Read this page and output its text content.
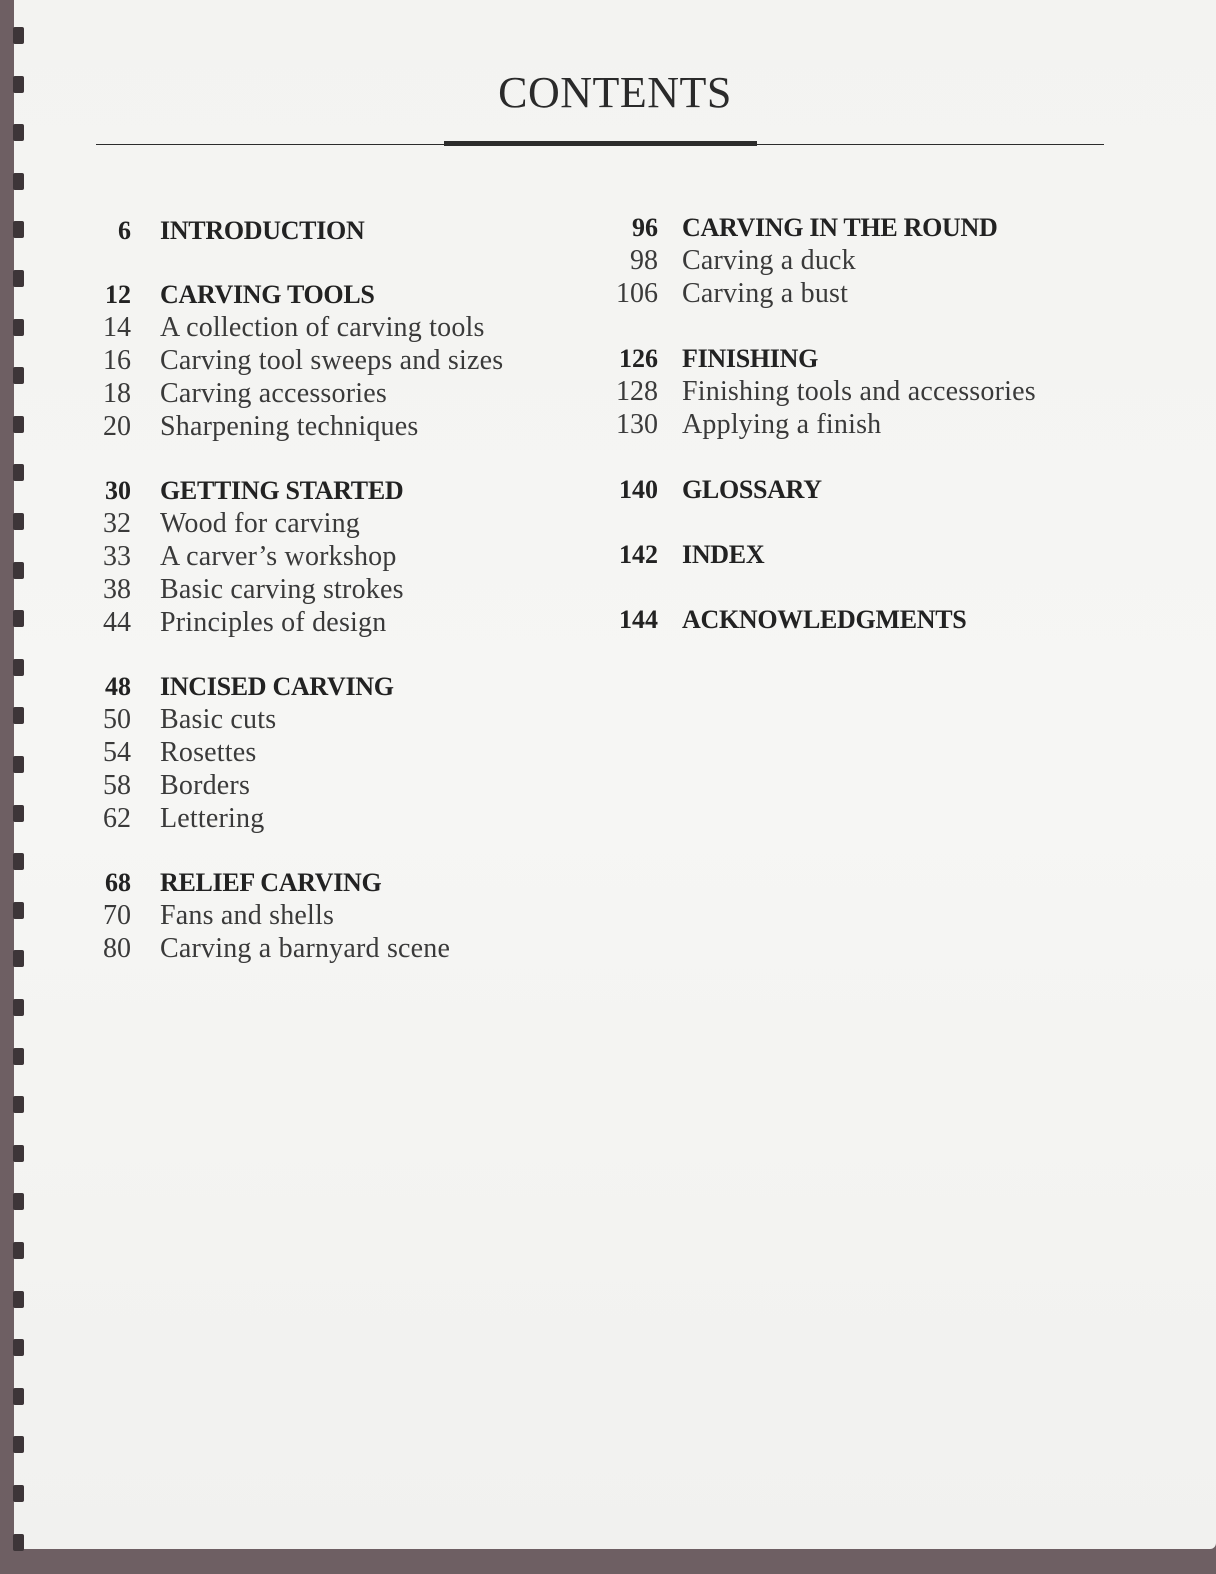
CONTENTS
6	INTRODUCTION
12	CARVING TOOLS
14	A collection of carving tools
16	Carving tool sweeps and sizes
18	Carving accessories
20	Sharpening techniques
30	GETTING STARTED
32	Wood for carving
33	A carver’s workshop
38	Basic carving strokes
44	Principles of design
48	INCISED CARVING
50	Basic cuts
54	Rosettes
58	Borders
62	Lettering
68	RELIEF CARVING
70	Fans and shells
80	Carving a barnyard scene
96 CARVING IN THE ROUND
98 Carving a duck
106 Carving a bust
126 FINISHING
128 Finishing tools and accessories
130 Applying a finish
140 GLOSSARY
142 INDEX
144 ACKNOWLEDGMENTS
